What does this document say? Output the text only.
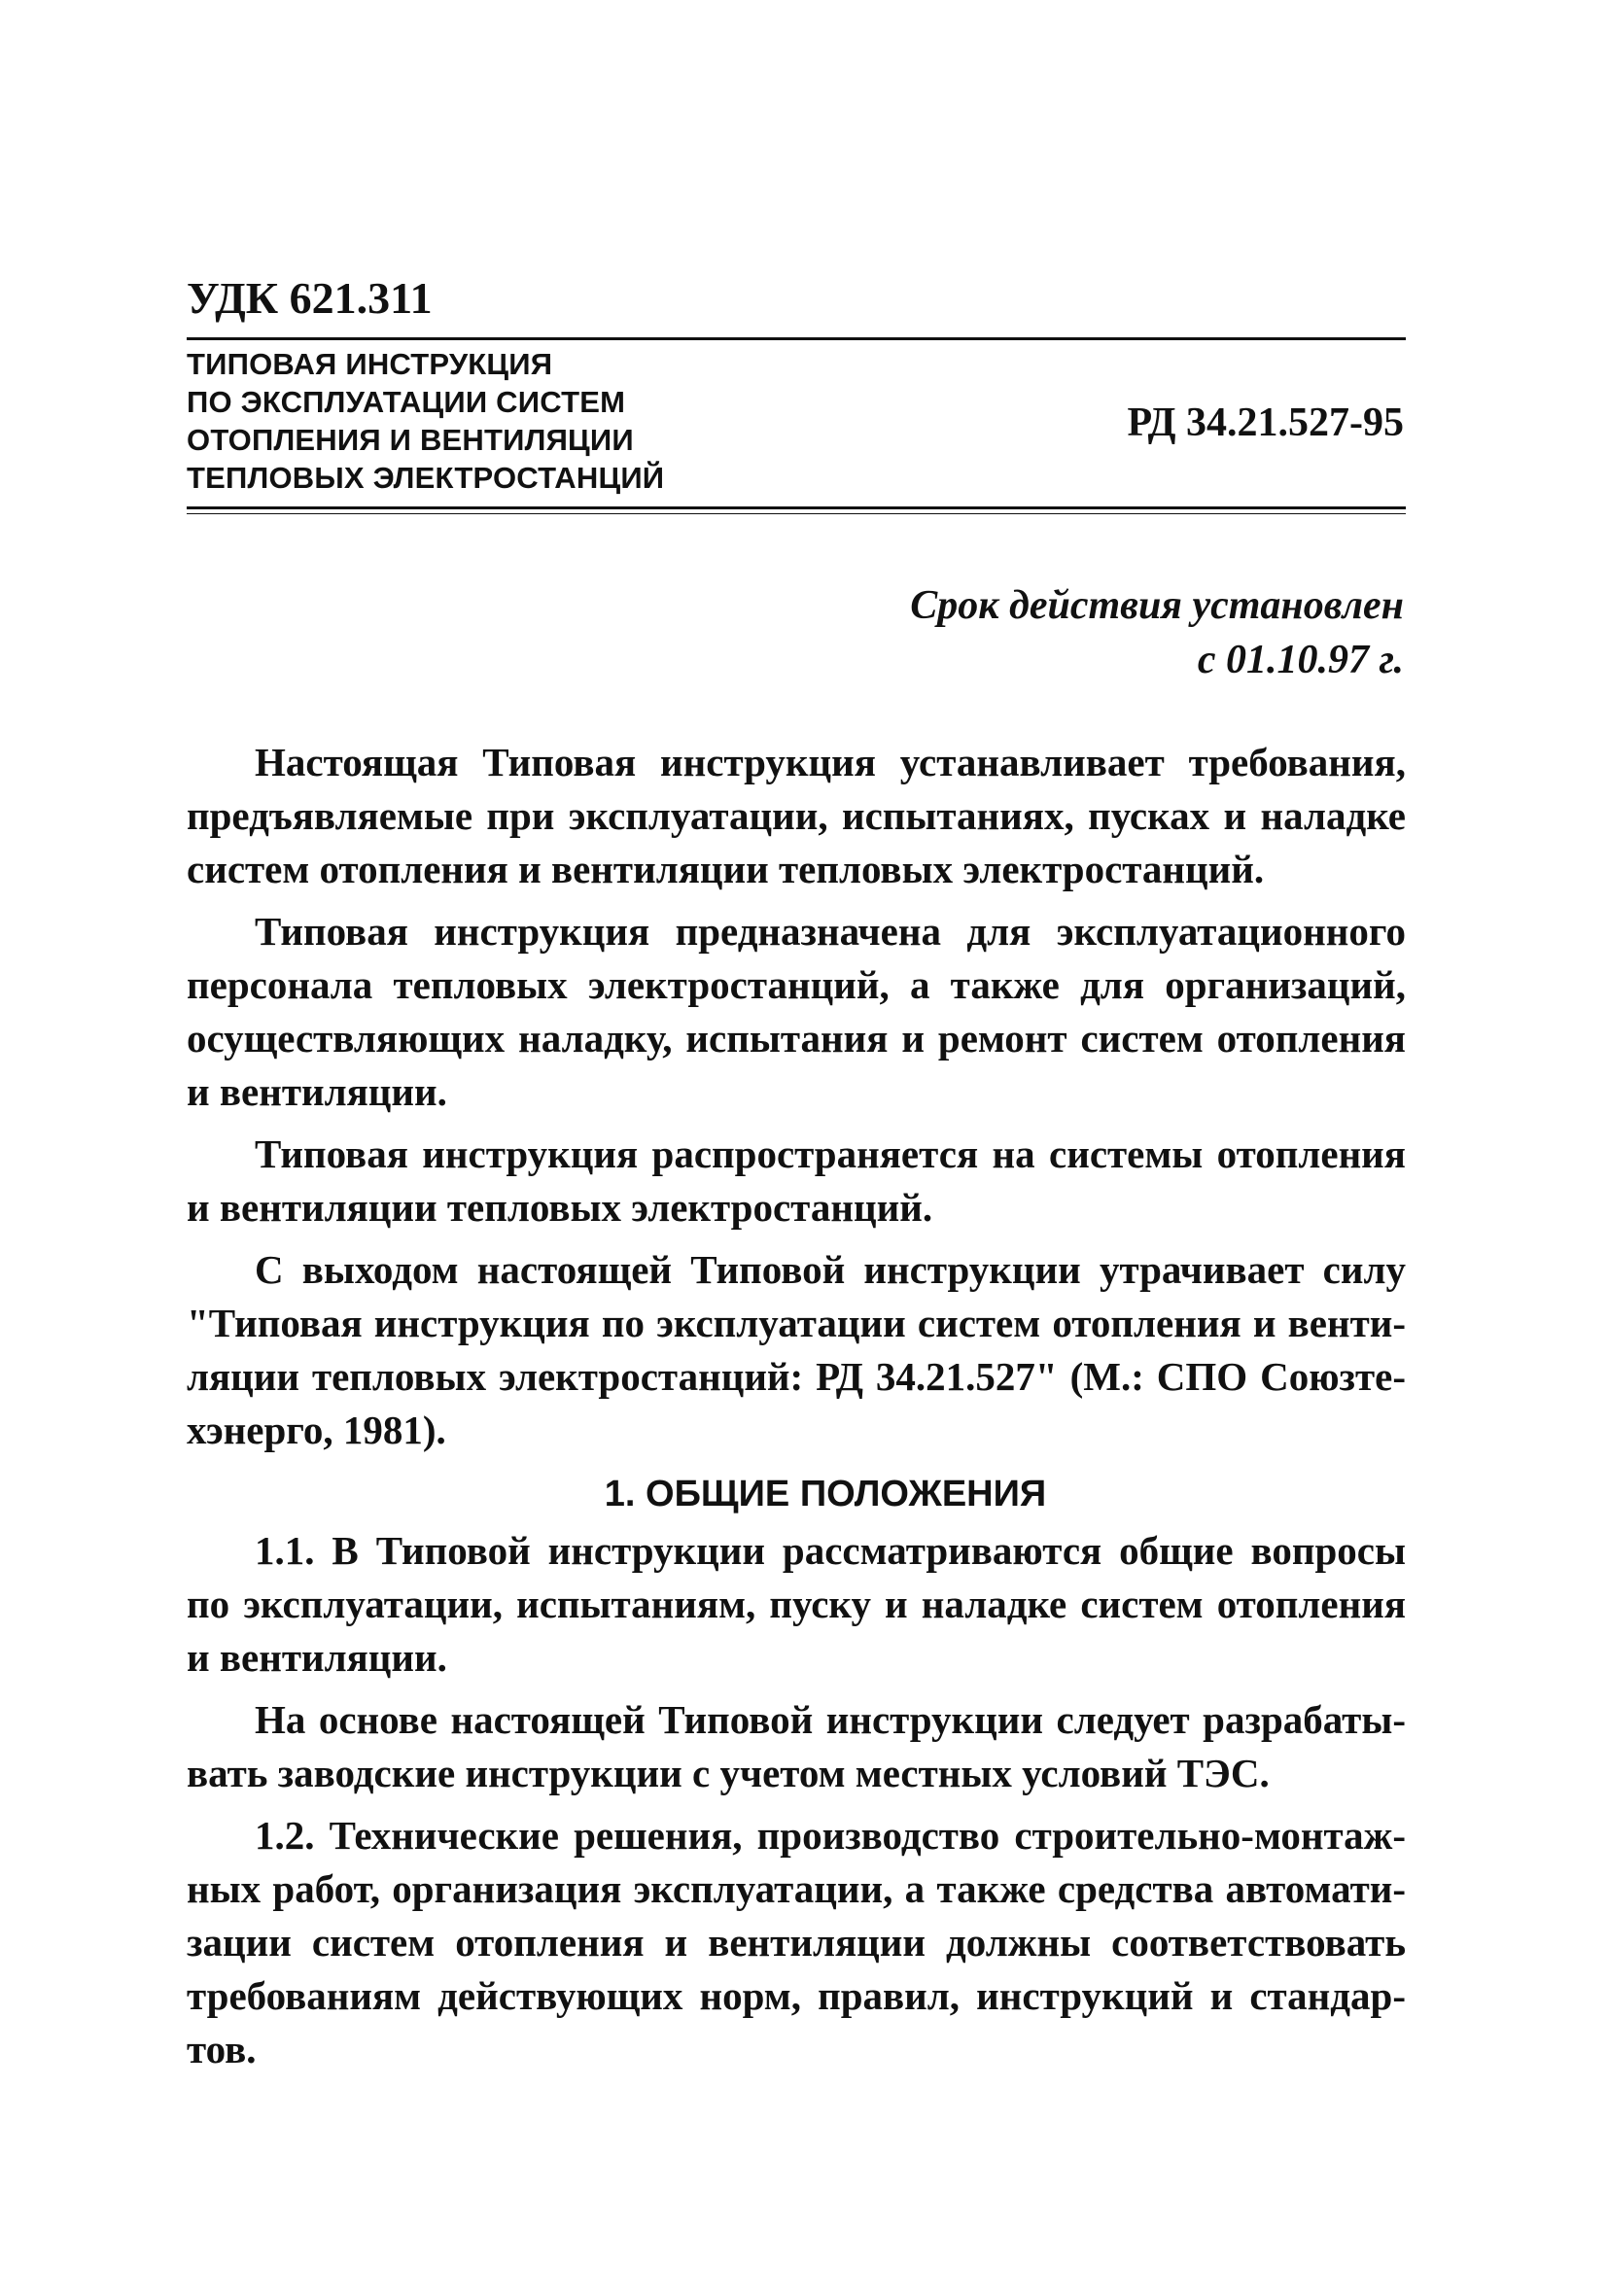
УДК 621.311
ТИПОВАЯ ИНСТРУКЦИЯ
ПО ЭКСПЛУАТАЦИИ СИСТЕМ
ОТОПЛЕНИЯ И ВЕНТИЛЯЦИИ
ТЕПЛОВЫХ ЭЛЕКТРОСТАНЦИЙ
РД 34.21.527-95
Срок действия установлен
с 01.10.97 г.

Настоящая Типовая инструкция устанавливает требования, предъявляемые при эксплуатации, испытаниях, пусках и наладке систем отопления и вентиляции тепловых электростанций.

Типовая инструкция предназначена для эксплуатационного персонала тепловых электростанций, а также для организаций, осуществляющих наладку, испытания и ремонт систем отопления и вентиляции.

Типовая инструкция распространяется на системы отопления и вентиляции тепловых электростанций.

С выходом настоящей Типовой инструкции утрачивает силу "Типовая инструкция по эксплуатации систем отопления и вентиляции тепловых электростанций: РД 34.21.527" (М.: СПО Союзтехэнерго, 1981).

1. ОБЩИЕ ПОЛОЖЕНИЯ

1.1. В Типовой инструкции рассматриваются общие вопросы по эксплуатации, испытаниям, пуску и наладке систем отопления и вентиляции.

На основе настоящей Типовой инструкции следует разрабатывать заводские инструкции с учетом местных условий ТЭС.

1.2. Технические решения, производство строительно-монтажных работ, организация эксплуатации, а также средства автоматизации систем отопления и вентиляции должны соответствовать требованиям действующих норм, правил, инструкций и стандартов.
